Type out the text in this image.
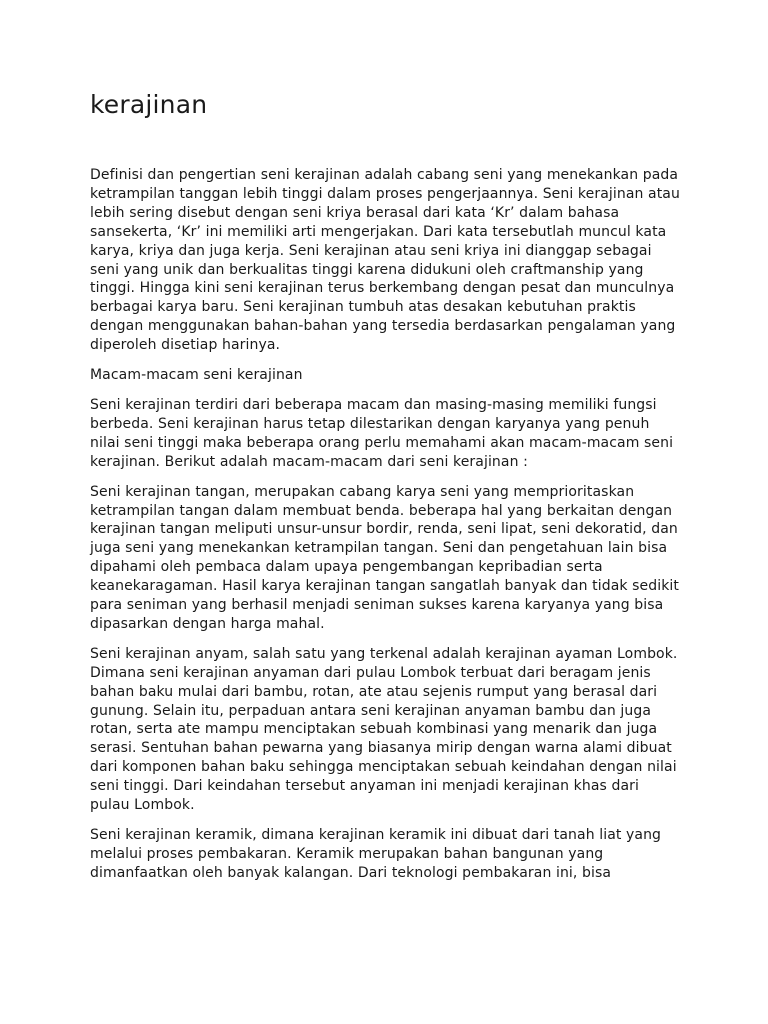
kerajinan

Definisi dan pengertian seni kerajinan adalah cabang seni yang menekankan pada ketrampilan tanggan lebih tinggi dalam proses pengerjaannya. Seni kerajinan atau lebih sering disebut dengan seni kriya berasal dari kata ‘Kr’ dalam bahasa sansekerta, ‘Kr’ ini memiliki arti mengerjakan. Dari kata tersebutlah muncul kata karya, kriya dan juga kerja. Seni kerajinan atau seni kriya ini dianggap sebagai seni yang unik dan berkualitas tinggi karena didukuni oleh craftmanship yang tinggi. Hingga kini seni kerajinan terus berkembang dengan pesat dan munculnya berbagai karya baru. Seni kerajinan tumbuh atas desakan kebutuhan praktis dengan menggunakan bahan-bahan yang tersedia berdasarkan pengalaman yang diperoleh disetiap harinya.

Macam-macam seni kerajinan

Seni kerajinan terdiri dari beberapa macam dan masing-masing memiliki fungsi berbeda. Seni kerajinan harus tetap dilestarikan dengan karyanya yang penuh nilai seni tinggi maka beberapa orang perlu memahami akan macam-macam seni kerajinan. Berikut adalah macam-macam dari seni kerajinan :

Seni kerajinan tangan, merupakan cabang karya seni yang memprioritaskan ketrampilan tangan dalam membuat benda. beberapa hal yang berkaitan dengan kerajinan tangan meliputi unsur-unsur bordir, renda, seni lipat, seni dekoratid, dan juga seni yang menekankan ketrampilan tangan. Seni dan pengetahuan lain bisa dipahami oleh pembaca dalam upaya pengembangan kepribadian serta keanekaragaman. Hasil karya kerajinan tangan sangatlah banyak dan tidak sedikit para seniman yang berhasil menjadi seniman sukses karena karyanya yang bisa dipasarkan dengan harga mahal.

Seni kerajinan anyam, salah satu yang terkenal adalah kerajinan ayaman Lombok. Dimana seni kerajinan anyaman dari pulau Lombok terbuat dari beragam jenis bahan baku mulai dari bambu, rotan, ate atau sejenis rumput yang berasal dari gunung. Selain itu, perpaduan antara seni kerajinan anyaman bambu dan juga rotan, serta ate mampu menciptakan sebuah kombinasi yang menarik dan juga serasi. Sentuhan bahan pewarna yang biasanya mirip dengan warna alami dibuat dari komponen bahan baku sehingga menciptakan sebuah keindahan dengan nilai seni tinggi. Dari keindahan tersebut anyaman ini menjadi kerajinan khas dari pulau Lombok.

Seni kerajinan keramik, dimana kerajinan keramik ini dibuat dari tanah liat yang melalui proses pembakaran. Keramik merupakan bahan bangunan yang dimanfaatkan oleh banyak kalangan. Dari teknologi pembakaran ini, bisa
